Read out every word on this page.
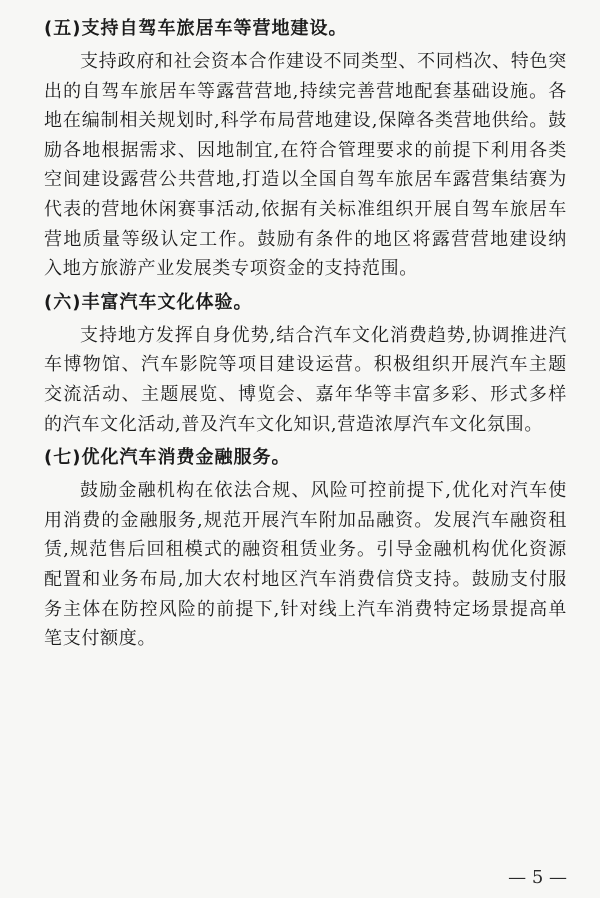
(五)支持自驾车旅居车等营地建设。

支持政府和社会资本合作建设不同类型、不同档次、特色突出的自驾车旅居车等露营营地,持续完善营地配套基础设施。各地在编制相关规划时,科学布局营地建设,保障各类营地供给。鼓励各地根据需求、因地制宜,在符合管理要求的前提下利用各类空间建设露营公共营地,打造以全国自驾车旅居车露营集结赛为代表的营地休闲赛事活动,依据有关标准组织开展自驾车旅居车营地质量等级认定工作。鼓励有条件的地区将露营营地建设纳入地方旅游产业发展类专项资金的支持范围。

(六)丰富汽车文化体验。

支持地方发挥自身优势,结合汽车文化消费趋势,协调推进汽车博物馆、汽车影院等项目建设运营。积极组织开展汽车主题交流活动、主题展览、博览会、嘉年华等丰富多彩、形式多样的汽车文化活动,普及汽车文化知识,营造浓厚汽车文化氛围。

(七)优化汽车消费金融服务。

鼓励金融机构在依法合规、风险可控前提下,优化对汽车使用消费的金融服务,规范开展汽车附加品融资。发展汽车融资租赁,规范售后回租模式的融资租赁业务。引导金融机构优化资源配置和业务布局,加大农村地区汽车消费信贷支持。鼓励支付服务主体在防控风险的前提下,针对线上汽车消费特定场景提高单笔支付额度。

— 5 —
